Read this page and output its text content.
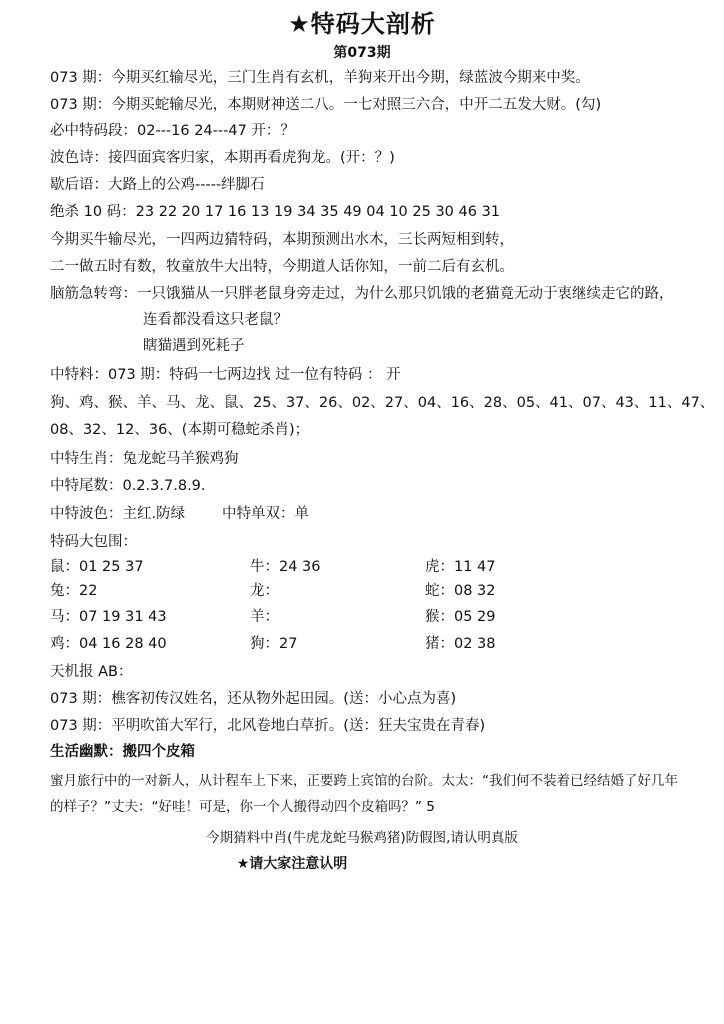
★特码大剖析
第073期
073 期：今期买红输尽光，三门生肖有玄机，羊狗来开出今期，绿蓝波今期来中奖。
073 期：今期买蛇输尽光，本期财神送二八。一七对照三六合，中开二五发大财。(勾)
必中特码段：02---16 24---47 开：？
波色诗：接四面宾客归家，本期再看虎狗龙。(开：？)
歇后语：大路上的公鸡-----绊脚石
绝杀 10 码：23 22 20 17 16 13 19 34 35 49 04 10 25 30 46 31
今期买牛输尽光，一四两边猜特码，本期预测出水木，三长两短相到转，
二一做五时有数，牧童放牛大出特，今期道人话你知，一前二后有玄机。
脑筋急转弯：一只饿猫从一只胖老鼠身旁走过，为什么那只饥饿的老猫竟无动于衷继续走它的路，
连看都没看这只老鼠？
瞎猫遇到死耗子
中特料：073 期：特码一七两边找 过一位有特码 ： 开
狗、鸡、猴、羊、马、龙、鼠、25、37、26、02、27、04、16、28、05、41、07、43、11、47、
08、32、12、36、(本期可稳蛇杀肖)；
中特生肖：兔龙蛇马羊猴鸡狗
中特尾数：0.2.3.7.8.9.
中特波色：主红.防绿	中特单双：单
特码大包围：
鼠：01 25 37	牛：24 36	虎：11 47
兔：22	龙：	蛇：08 32
马：07 19 31 43	羊：	猴：05 29
鸡：04 16 28 40	狗：27	猪：02 38
天机报 AB：
073 期：樵客初传汉姓名，还从物外起田园。(送：小心点为喜)
073 期：平明吹笛大军行，北风卷地白草折。(送：狂夫宝贵在青春)
生活幽默：搬四个皮箱
蜜月旅行中的一对新人，从计程车上下来，正要跨上宾馆的台阶。太太：“我们何不装着已经结婚了好几年
的样子？”丈夫：“好哇！可是，你一个人搬得动四个皮箱吗？” 5
今期猜料中肖(牛虎龙蛇马猴鸡猪)防假图,请认明真版
★请大家注意认明
